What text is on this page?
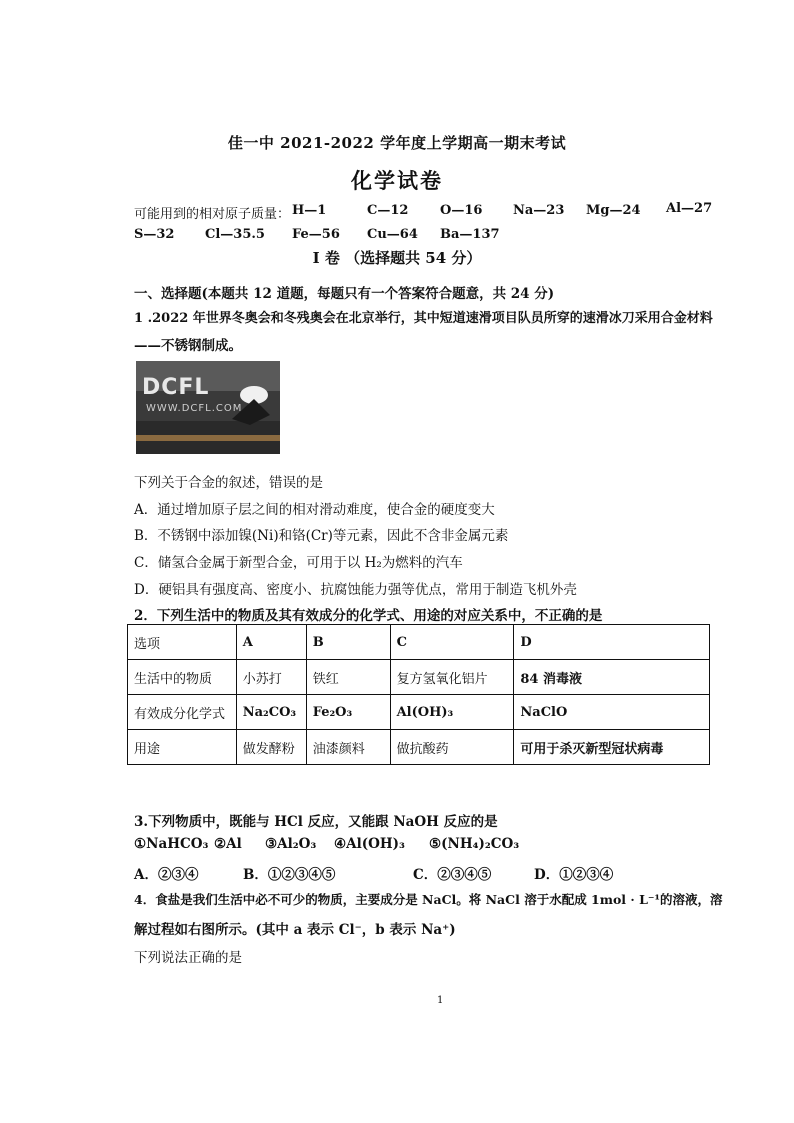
佳一中 2021-2022 学年度上学期高一期末考试
化学试卷
可能用到的相对原子质量： H—1	C—12 O—16 Na—23 Mg—24 Al—27
S—32 Cl—35.5 Fe—56 Cu—64 Ba—137
I 卷 （选择题共 54 分）
一、选择题(本题共 12 道题，每题只有一个答案符合题意，共 24 分)
1 .2022 年世界冬奥会和冬残奥会在北京举行，其中短道速滑项目队员所穿的速滑冰刀采用合金材料
——不锈钢制成。
DCFL
WWW.DCFL.COM
下列关于合金的叙述，错误的是
A．通过增加原子层之间的相对滑动难度，使合金的硬度变大
B．不锈钢中添加镍(Ni)和铬(Cr)等元素，因此不含非金属元素
C．储氢合金属于新型合金，可用于以 H₂为燃料的汽车
D．硬铝具有强度高、密度小、抗腐蚀能力强等优点，常用于制造飞机外壳
2．下列生活中的物质及其有效成分的化学式、用途的对应关系中，不正确的是
选项	A	B	C	D
生活中的物质	小苏打	铁红	复方氢氧化铝片	84 消毒液
有效成分化学式	Na₂CO₃	Fe₂O₃	Al(OH)₃	NaClO
用途	做发酵粉	油漆颜料	做抗酸药	可用于杀灭新型冠状病毒
3.下列物质中，既能与 HCl 反应，又能跟 NaOH 反应的是
①NaHCO₃ ②Al ③Al₂O₃ ④Al(OH)₃ ⑤(NH₄)₂CO₃
A．②③④	B．①②③④⑤	C．②③④⑤	D．①②③④
4．食盐是我们生活中必不可少的物质，主要成分是 NaCl。将 NaCl 溶于水配成 1mol · L⁻¹的溶液，溶
解过程如右图所示。(其中 a 表示 Cl⁻，b 表示 Na⁺)
下列说法正确的是
1
